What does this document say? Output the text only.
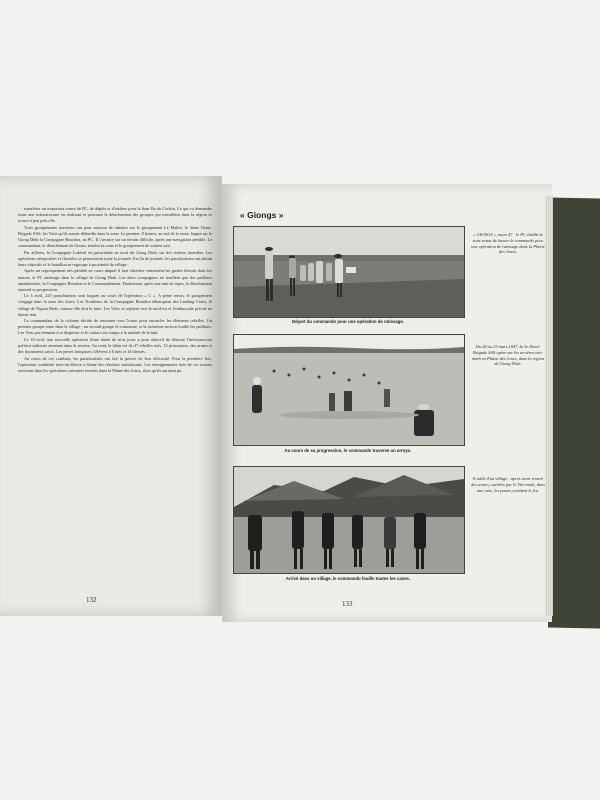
transférer un important centre de PC, de dépôts et d'ateliers pour la Saur Ba du Cochin, Ce qui va demander toute une infrastructure en réalisant et poussant le détachement des groupes qui travaillent dans la région se trouve à peu près elle.

Trois groupements terrestres ont pour mission de rabattre sur le groupement Le Maître, le 3ème Demi-Brigade SAS, les Viets qu'ils auront débordés dans la zone. Le premier, 8 heures, au sud de la route, largue sur le Giong Dinh la Compagnie Bourdon, au PC. Il s'avance sur un terrain difficile, après une navigation pénible. Le commandant, le détachement de l'avant, tiendra la route et le groupement de soutien suit.

Par ailleurs, la Compagnie Lubéral est parachutée au nord du Giong Dinh, sur des rizières inondées. Les opérations aéroportées et fluviales se poursuivent toute la journée. En fin de journée, les parachutistes ont atteint leurs objectifs et le bataillon se regroupe à proximité du village.

Après un regroupement très pénible en cours duquel il faut chercher vainement les gardes blessés dans les marais, le PC aménage dans le village de Giong Dinh. Les deux compagnies ne fouillent que des paillotes abandonnées, la Compagnie Bourdon et le Commandement. Finalement, après une nuit de repos, le détachement reprend sa progression.

Le 3 avril, 225 parachutistes sont largués au cours de l'opération « C ». A peine remis, le groupement s'engage dans la zone des Joncs. Les Tirailleurs de la Compagnie Bourdon débarquent des Landing Crafts, le village de Nguon Binh, comme elle doit le faire. Les Viets se replient vers le nord-est et l'embuscade prévue ne donne rien.

Le commandant de la colonne décide de remonter vers l'ouest pour encercler les éléments rebelles. Un premier groupe entre dans le village ; un second groupe le contourne, et la troisième section fouille les paillotes. Les Viets parviennent à se disperser et le contact est rompu à la tombée de la nuit.

Le 10 avril, une nouvelle opération d'une durée de trois jours a pour objectif de détruire l'infrastructure politico-militaire ennemie dans le secteur. Au total, le bilan est de 47 rebelles tués, 12 prisonniers, des armes et des documents saisis. Les pertes françaises s'élèvent à 6 tués et 14 blessés.

Au cours de ces combats, les parachutistes ont fait la preuve de leur efficacité. Pour la première fois, l'opération combinée terre-air-fleuve a donné des résultats satisfaisants. Les enseignements tirés de ces actions serviront dans les opérations suivantes menées dans la Plaine des Joncs, alors qu'ils auraient pu.

132
« Giongs »
Départ du commando pour une opération de ratissage.
« GIONGS », mars 47 : le PC établit la zone avant de lancer le commando pour une opération de ratissage dans la Plaine des Joncs.
Au cours de sa progression, le commando traverse un arroyo.
Du 20 au 23 mars 1947, la 3e Demi-Brigade SAS opère sur les arrières viet-minh en Plaine des Joncs, dans la région de Giong Dinh.
Arrivé dans un village, le commando fouille toutes les cases.
Fouille d'un village : après avoir trouvé des armes, cachées par le Viet-minh, dans une case, les paras y mettent le feu.
133
